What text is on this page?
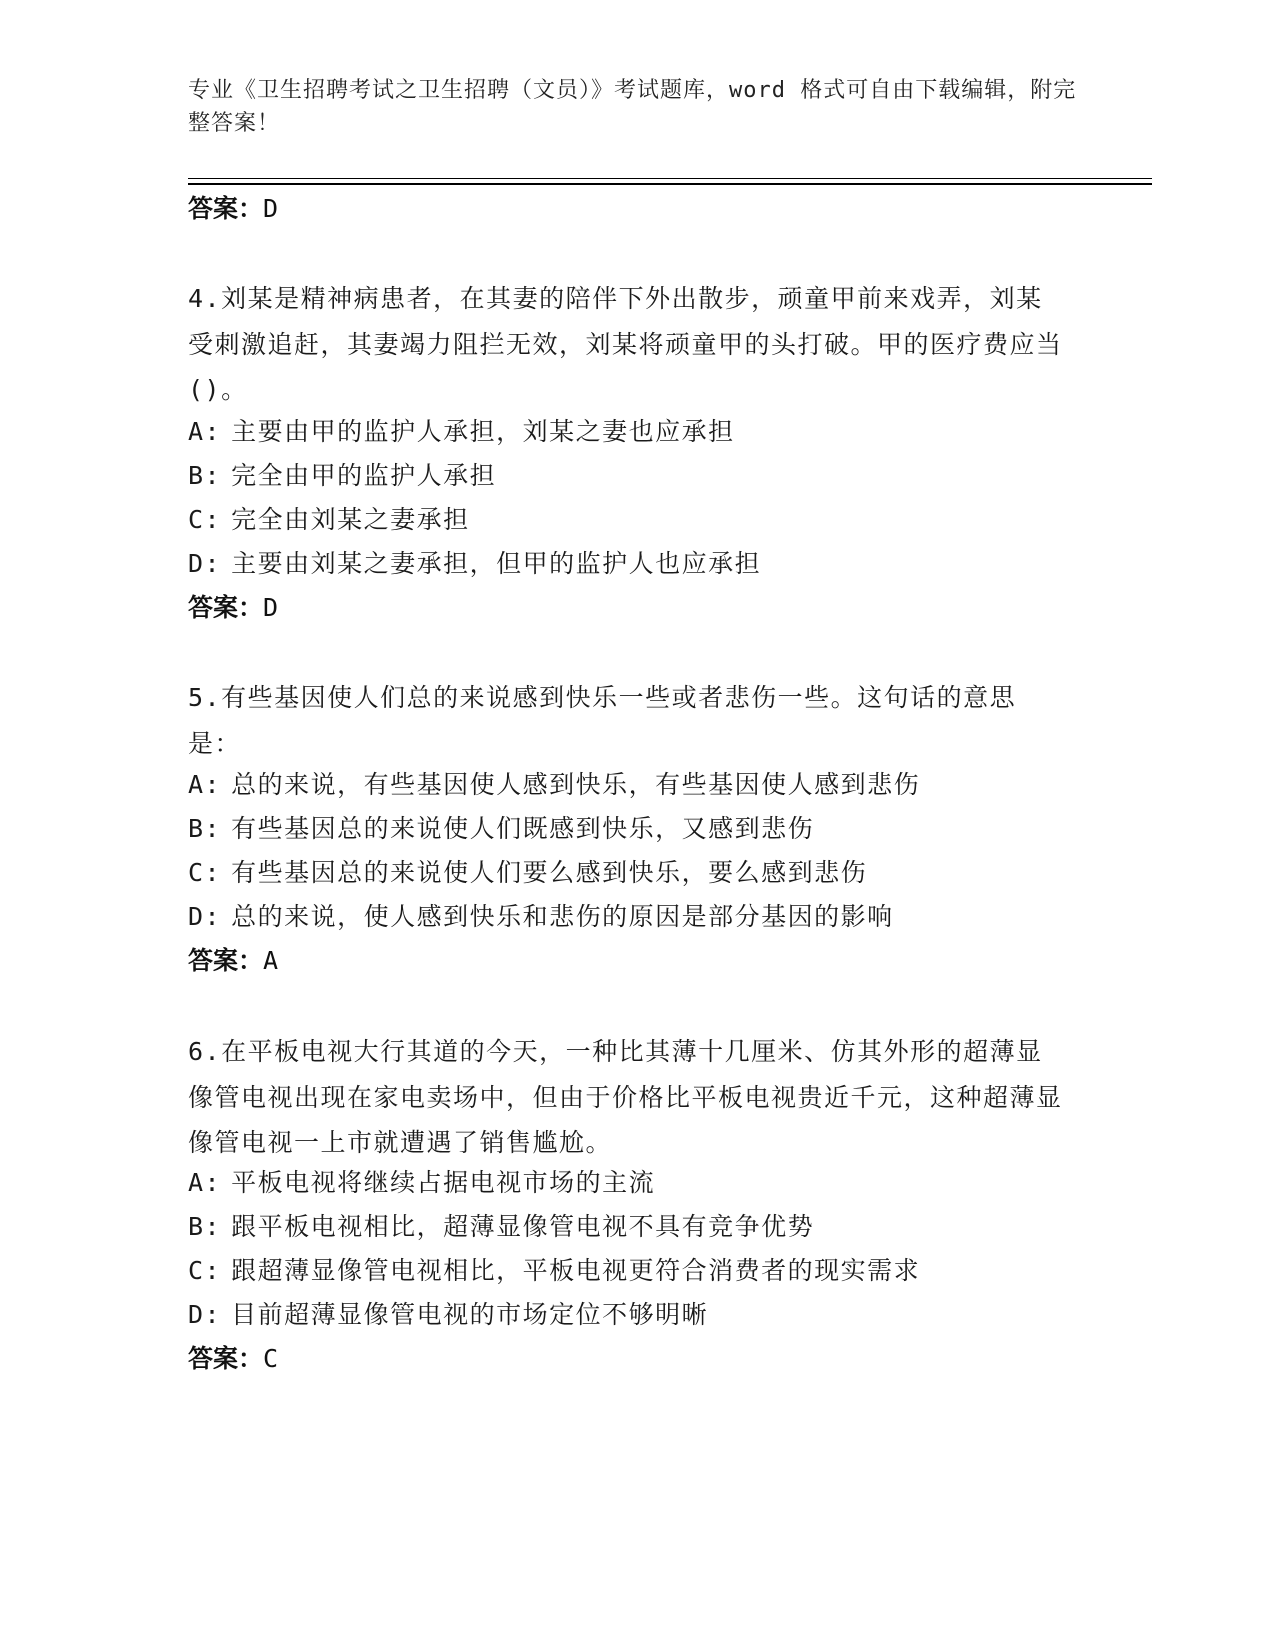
专业《卫生招聘考试之卫生招聘（文员）》考试题库，word 格式可自由下载编辑，附完整答案！
答案：D
4.刘某是精神病患者，在其妻的陪伴下外出散步，顽童甲前来戏弄，刘某受刺激追赶，其妻竭力阻拦无效，刘某将顽童甲的头打破。甲的医疗费应当()。
A: 主要由甲的监护人承担，刘某之妻也应承担
B: 完全由甲的监护人承担
C: 完全由刘某之妻承担
D: 主要由刘某之妻承担，但甲的监护人也应承担
答案：D
5.有些基因使人们总的来说感到快乐一些或者悲伤一些。这句话的意思是：
A: 总的来说，有些基因使人感到快乐，有些基因使人感到悲伤
B: 有些基因总的来说使人们既感到快乐，又感到悲伤
C: 有些基因总的来说使人们要么感到快乐，要么感到悲伤
D: 总的来说，使人感到快乐和悲伤的原因是部分基因的影响
答案：A
6.在平板电视大行其道的今天，一种比其薄十几厘米、仿其外形的超薄显像管电视出现在家电卖场中，但由于价格比平板电视贵近千元，这种超薄显像管电视一上市就遭遇了销售尴尬。
A: 平板电视将继续占据电视市场的主流
B: 跟平板电视相比，超薄显像管电视不具有竞争优势
C: 跟超薄显像管电视相比，平板电视更符合消费者的现实需求
D: 目前超薄显像管电视的市场定位不够明晰
答案：C
